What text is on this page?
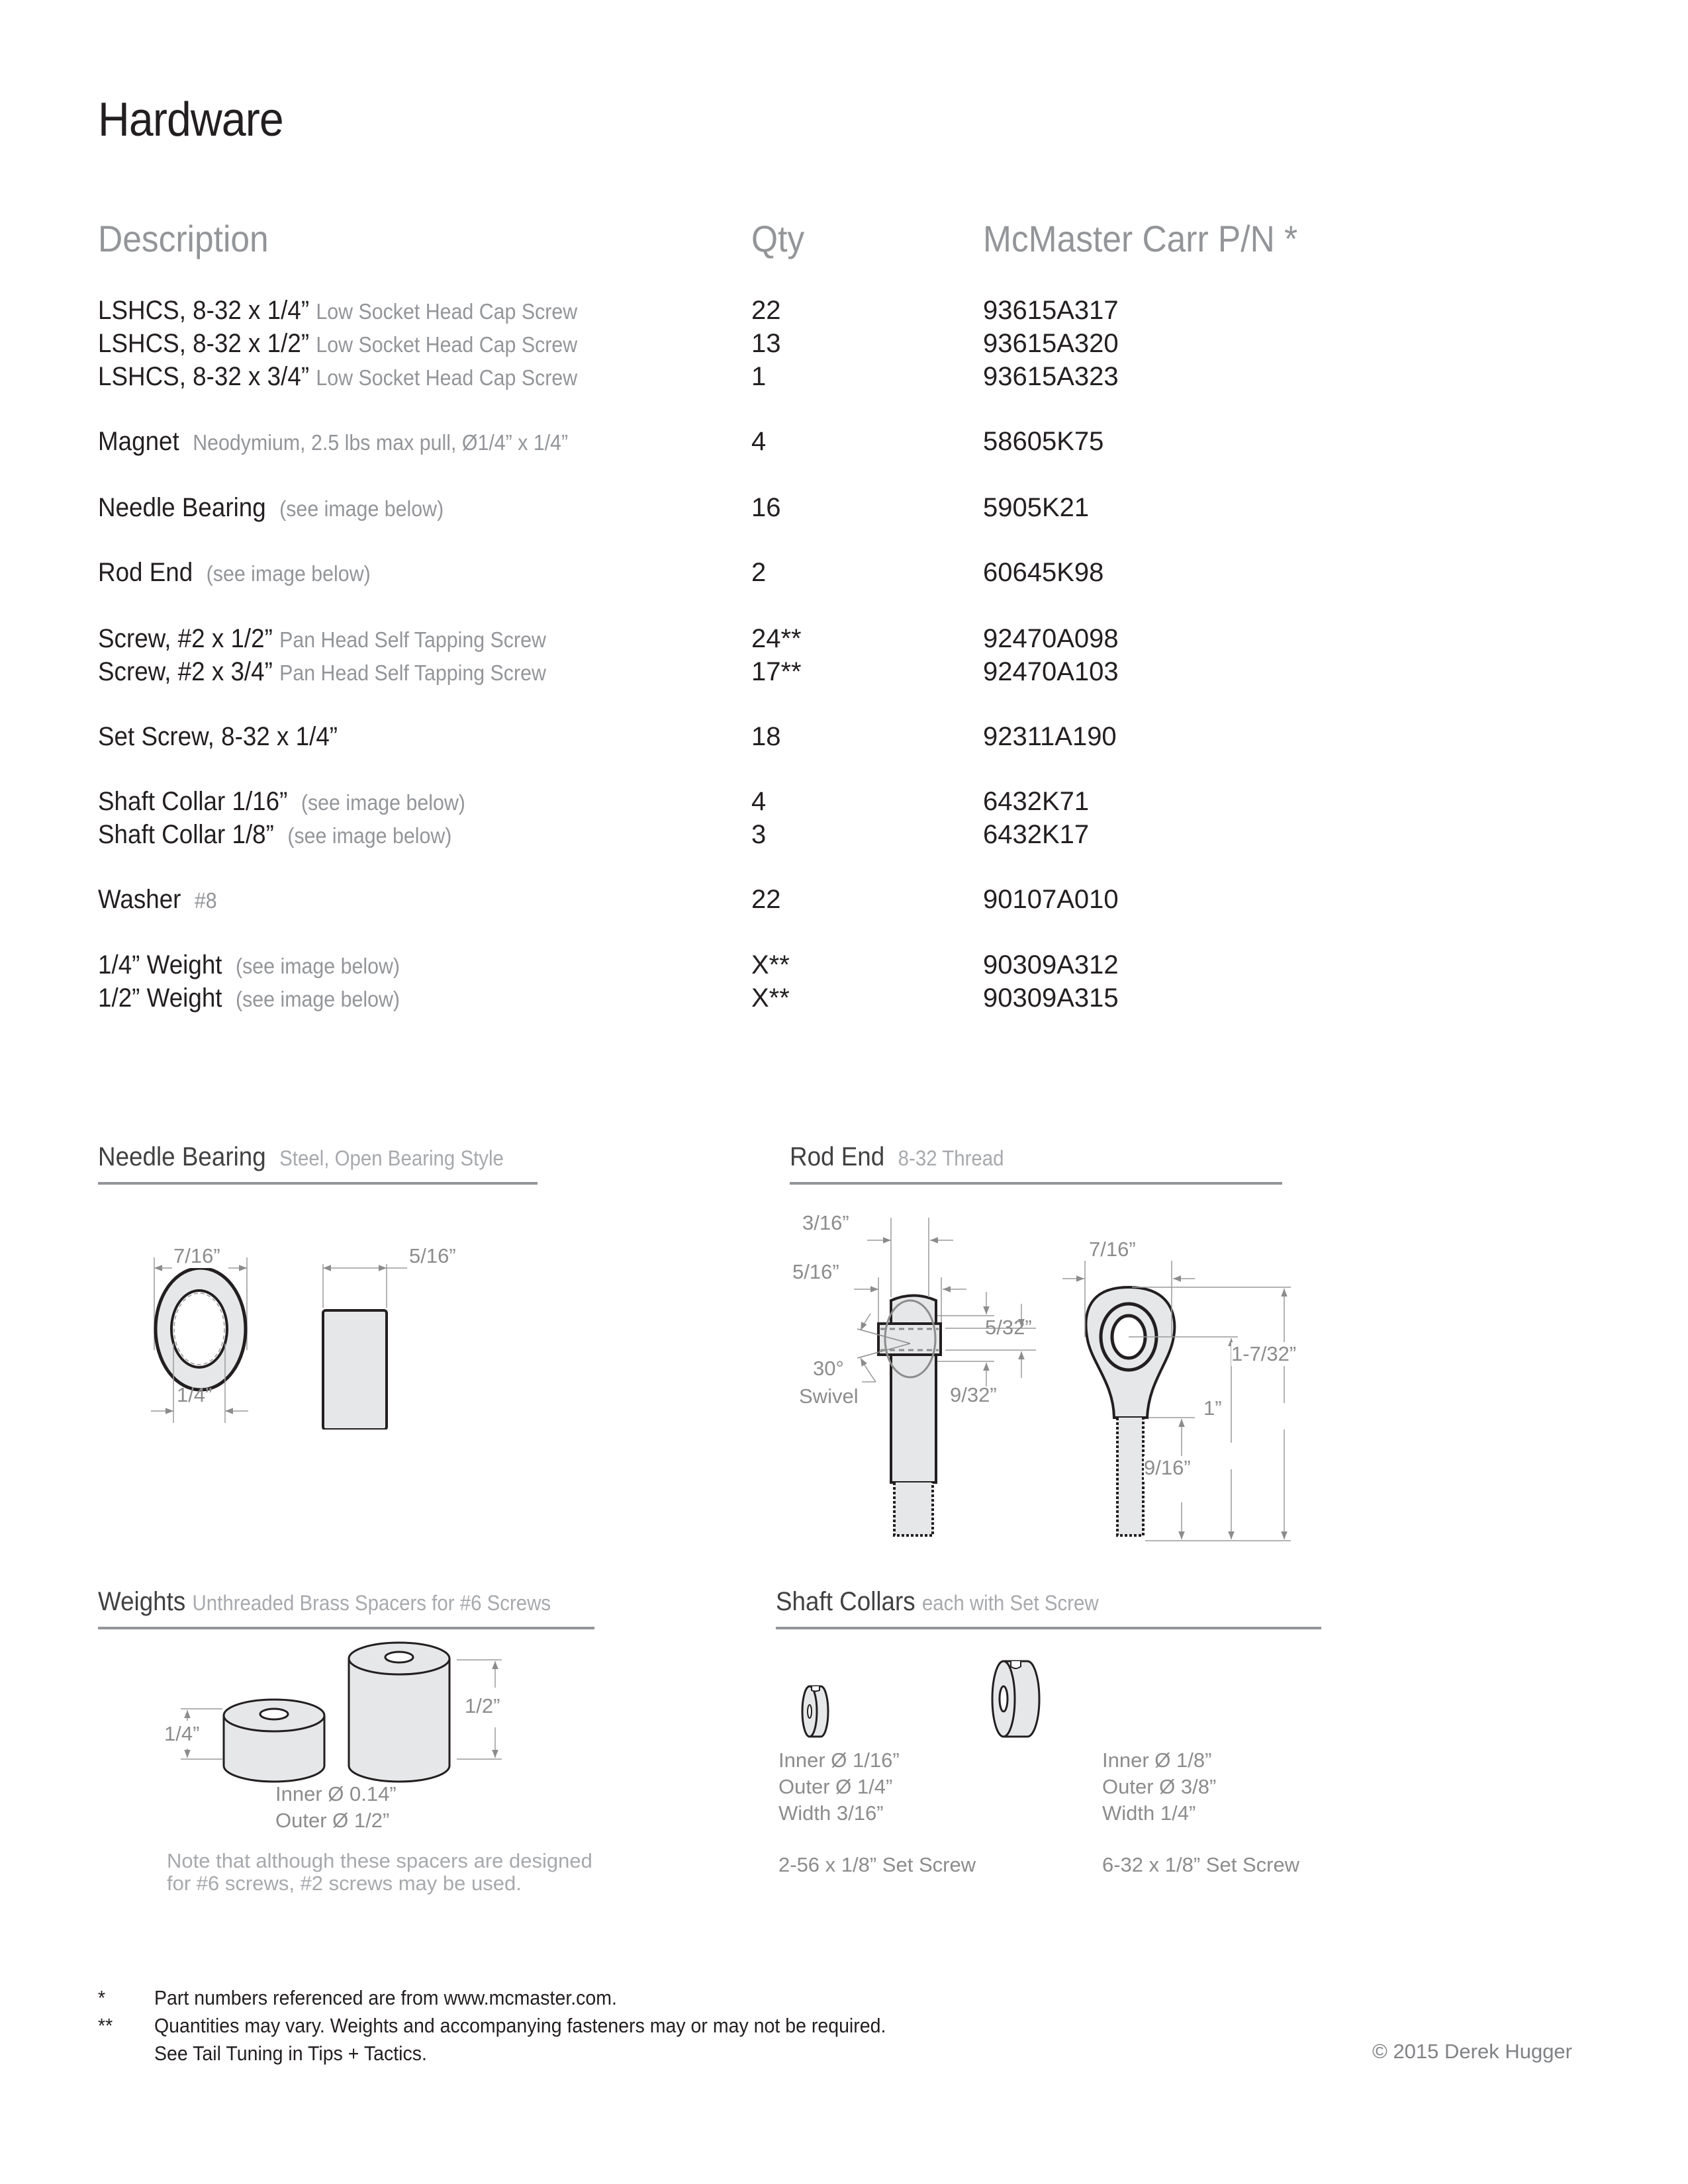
Hardware
Description	Qty	McMaster Carr P/N *
LSHCS, 8-32 x 1/4” Low Socket Head Cap Screw	22	93615A317
LSHCS, 8-32 x 1/2” Low Socket Head Cap Screw	13	93615A320
LSHCS, 8-32 x 3/4” Low Socket Head Cap Screw	1	93615A323
Magnet Neodymium, 2.5 lbs max pull, Ø1/4” x 1/4”	4	58605K75
Needle Bearing (see image below)	16	5905K21
Rod End (see image below)	2	60645K98
Screw, #2 x 1/2” Pan Head Self Tapping Screw	24**	92470A098
Screw, #2 x 3/4” Pan Head Self Tapping Screw	17**	92470A103
Set Screw, 8-32 x 1/4”	18	92311A190
Shaft Collar 1/16” (see image below)	4	6432K71
Shaft Collar 1/8” (see image below)	3	6432K17
Washer #8	22	90107A010
1/4” Weight (see image below)	X**	90309A312
1/2” Weight (see image below)	X**	90309A315
Needle Bearing Steel, Open Bearing Style
7/16”
1/4”
5/16”
Rod End 8-32 Thread
3/16”
5/16”
5/32”
30°
Swivel	9/32”
7/16”
1-7/32”
1”
9/16”
Weights Unthreaded Brass Spacers for #6 Screws
1/4”
1/2”
Inner Ø 0.14”
Outer Ø 1/2”
Note that although these spacers are designed
for #6 screws, #2 screws may be used.
Shaft Collars each with Set Screw
Inner Ø 1/16”
Outer Ø 1/4”
Width 3/16”
2-56 x 1/8” Set Screw
Inner Ø 1/8”
Outer Ø 3/8”
Width 1/4”
6-32 x 1/8” Set Screw
* Part numbers referenced are from www.mcmaster.com.
** Quantities may vary. Weights and accompanying fasteners may or may not be required.
See Tail Tuning in Tips + Tactics.	© 2015 Derek Hugger
